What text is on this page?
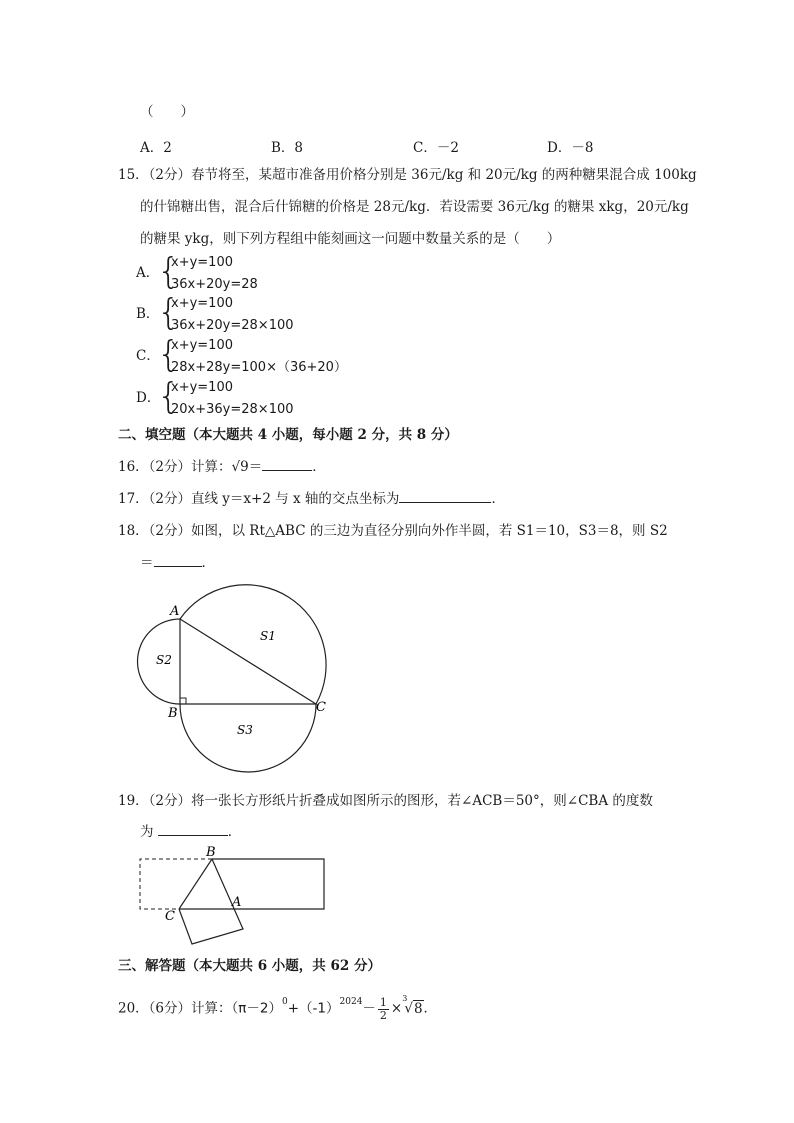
（　　）
A．2	B．8	C．－2	D．－8
15．（2分）春节将至，某超市准备用价格分别是 36元/kg 和 20元/kg 的两种糖果混合成 100kg
的什锦糖出售，混合后什锦糖的价格是 28元/kg．若设需要 36元/kg 的糖果 xkg，20元/kg
的糖果 ykg，则下列方程组中能刻画这一问题中数量关系的是（　　）
A．
{
x+y=100
36x+20y=28
B．
{
x+y=100
36x+20y=28×100
C．
{
x+y=100
28x+28y=100×（36+20）
D．
{
x+y=100
20x+36y=28×100
二、填空题（本大题共 4 小题，每小题 2 分，共 8 分）
16．（2分）计算：√9＝	．
17．（2分）直线 y＝x+2 与 x 轴的交点坐标为	．
18．（2分）如图，以 Rt△ABC 的三边为直径分别向外作半圆，若 S1＝10，S3＝8，则 S2
＝	．
A
B	C
S1
S2
S3
19．（2分）将一张长方形纸片折叠成如图所示的图形，若∠ACB＝50°，则∠CBA 的度数
为	．
B
C
A
三、解答题（本大题共 6 小题，共 62 分）
20．（6分）计算：$(\pi-2)^0+(-1)^{2024}- \frac{1}{2} \times^3√8$．
